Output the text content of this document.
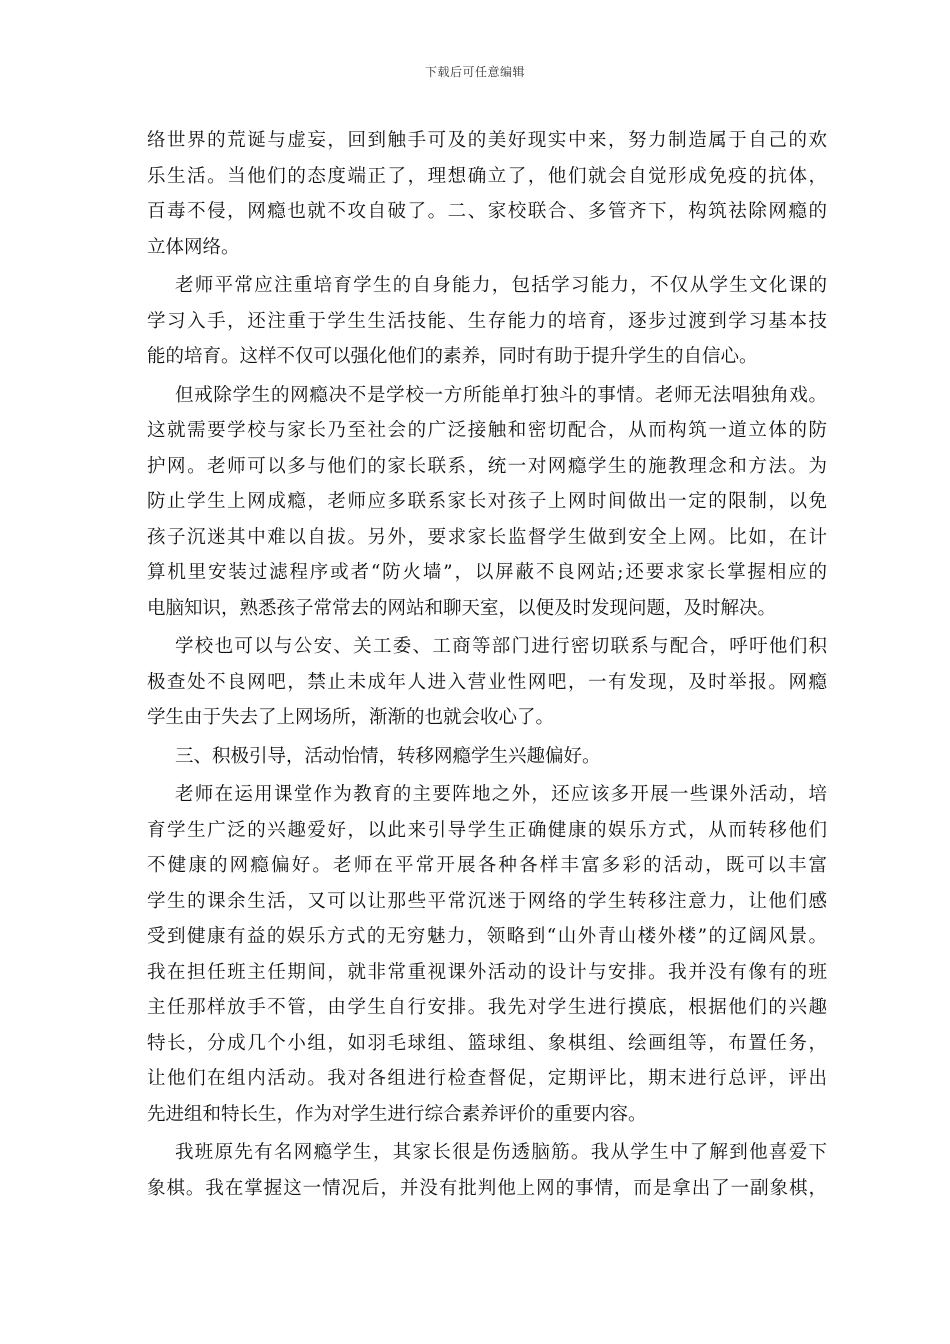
下载后可任意编辑
络世界的荒诞与虚妄，回到触手可及的美好现实中来，努力制造属于自己的欢
乐生活。当他们的态度端正了，理想确立了，他们就会自觉形成免疫的抗体，
百毒不侵，网瘾也就不攻自破了。二、家校联合、多管齐下，构筑祛除网瘾的
立体网络。
老师平常应注重培育学生的自身能力，包括学习能力，不仅从学生文化课的
学习入手，还注重于学生生活技能、生存能力的培育，逐步过渡到学习基本技
能的培育。这样不仅可以强化他们的素养，同时有助于提升学生的自信心。
但戒除学生的网瘾决不是学校一方所能单打独斗的事情。老师无法唱独角戏。
这就需要学校与家长乃至社会的广泛接触和密切配合，从而构筑一道立体的防
护网。老师可以多与他们的家长联系，统一对网瘾学生的施教理念和方法。为
防止学生上网成瘾，老师应多联系家长对孩子上网时间做出一定的限制，以免
孩子沉迷其中难以自拔。另外，要求家长监督学生做到安全上网。比如，在计
算机里安装过滤程序或者“防火墙”，以屏蔽不良网站;还要求家长掌握相应的
电脑知识，熟悉孩子常常去的网站和聊天室，以便及时发现问题，及时解决。
学校也可以与公安、关工委、工商等部门进行密切联系与配合，呼吁他们积
极查处不良网吧，禁止未成年人进入营业性网吧，一有发现，及时举报。网瘾
学生由于失去了上网场所，渐渐的也就会收心了。
三、积极引导，活动怡情，转移网瘾学生兴趣偏好。
老师在运用课堂作为教育的主要阵地之外，还应该多开展一些课外活动，培
育学生广泛的兴趣爱好，以此来引导学生正确健康的娱乐方式，从而转移他们
不健康的网瘾偏好。老师在平常开展各种各样丰富多彩的活动，既可以丰富
学生的课余生活，又可以让那些平常沉迷于网络的学生转移注意力，让他们感
受到健康有益的娱乐方式的无穷魅力，领略到“山外青山楼外楼”的辽阔风景。
我在担任班主任期间，就非常重视课外活动的设计与安排。我并没有像有的班
主任那样放手不管，由学生自行安排。我先对学生进行摸底，根据他们的兴趣
特长，分成几个小组，如羽毛球组、篮球组、象棋组、绘画组等，布置任务，
让他们在组内活动。我对各组进行检查督促，定期评比，期末进行总评，评出
先进组和特长生，作为对学生进行综合素养评价的重要内容。
我班原先有名网瘾学生，其家长很是伤透脑筋。我从学生中了解到他喜爱下
象棋。我在掌握这一情况后，并没有批判他上网的事情，而是拿出了一副象棋，
